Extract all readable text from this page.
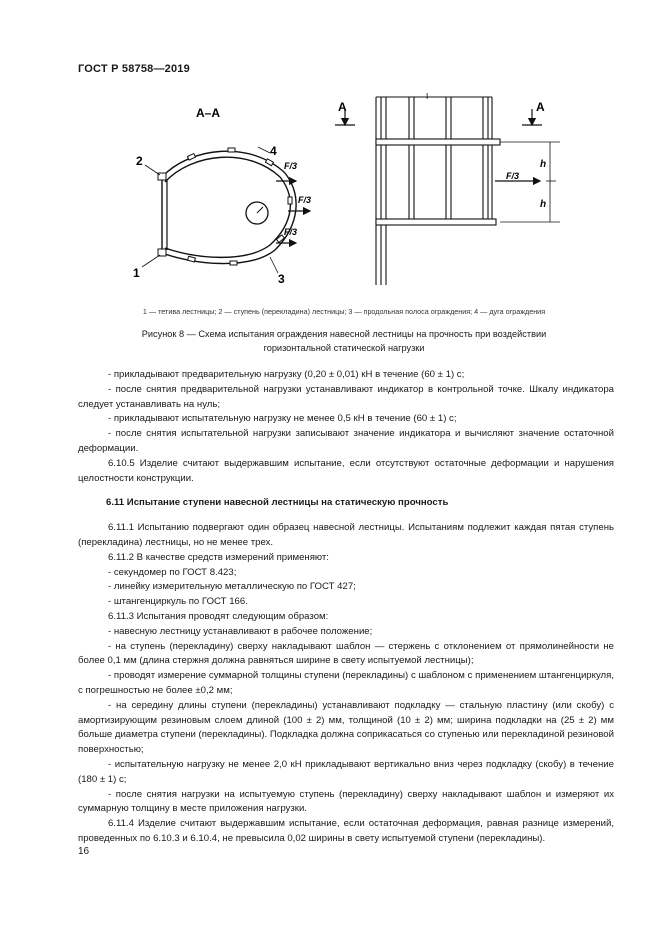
ГОСТ Р 58758—2019
А–А
F/3
F/3
F/3
2
1
4
3
А	А
I
F/3
h
h
1 — тетива лестницы; 2 — ступень (перекладина) лестницы; 3 — продольная полоса ограждения; 4 — дуга ограждения
Рисунок 8 — Схема испытания ограждения навесной лестницы на прочность при воздействии
горизонтальной статической нагрузки

- прикладывают предварительную нагрузку (0,20 ± 0,01) кН в течение (60 ± 1) с;

- после снятия предварительной нагрузки устанавливают индикатор в контрольной точке. Шкалу индикатора следует устанавливать на нуль;

- прикладывают испытательную нагрузку не менее 0,5 кН в течение (60 ± 1) с;

- после снятия испытательной нагрузки записывают значение индикатора и вычисляют значение остаточной деформации.

6.10.5 Изделие считают выдержавшим испытание, если отсутствуют остаточные деформации и нарушения целостности конструкции.

6.11 Испытание ступени навесной лестницы на статическую прочность

6.11.1 Испытанию подвергают один образец навесной лестницы. Испытаниям подлежит каждая пятая ступень (перекладина) лестницы, но не менее трех.

6.11.2 В качестве средств измерений применяют:

- секундомер по ГОСТ 8.423;

- линейку измерительную металлическую по ГОСТ 427;

- штангенциркуль по ГОСТ 166.

6.11.3 Испытания проводят следующим образом:

- навесную лестницу устанавливают в рабочее положение;

- на ступень (перекладину) сверху накладывают шаблон — стержень с отклонением от прямолинейности не более 0,1 мм (длина стержня должна равняться ширине в свету испытуемой лестницы);

- проводят измерение суммарной толщины ступени (перекладины) с шаблоном с применением штангенциркуля, с погрешностью не более ±0,2 мм;

- на середину длины ступени (перекладины) устанавливают подкладку — стальную пластину (или скобу) с амортизирующим резиновым слоем длиной (100 ± 2) мм, толщиной (10 ± 2) мм; ширина подкладки на (25 ± 2) мм больше диаметра ступени (перекладины). Подкладка должна соприкасаться со ступенью или перекладиной резиновой поверхностью;

- испытательную нагрузку не менее 2,0 кН прикладывают вертикально вниз через подкладку (скобу) в течение (180 ± 1) с;

- после снятия нагрузки на испытуемую ступень (перекладину) сверху накладывают шаблон и измеряют их суммарную толщину в месте приложения нагрузки.

6.11.4 Изделие считают выдержавшим испытание, если остаточная деформация, равная разнице измерений, проведенных по 6.10.3 и 6.10.4, не превысила 0,02 ширины в свету испытуемой ступени (перекладины).

16
